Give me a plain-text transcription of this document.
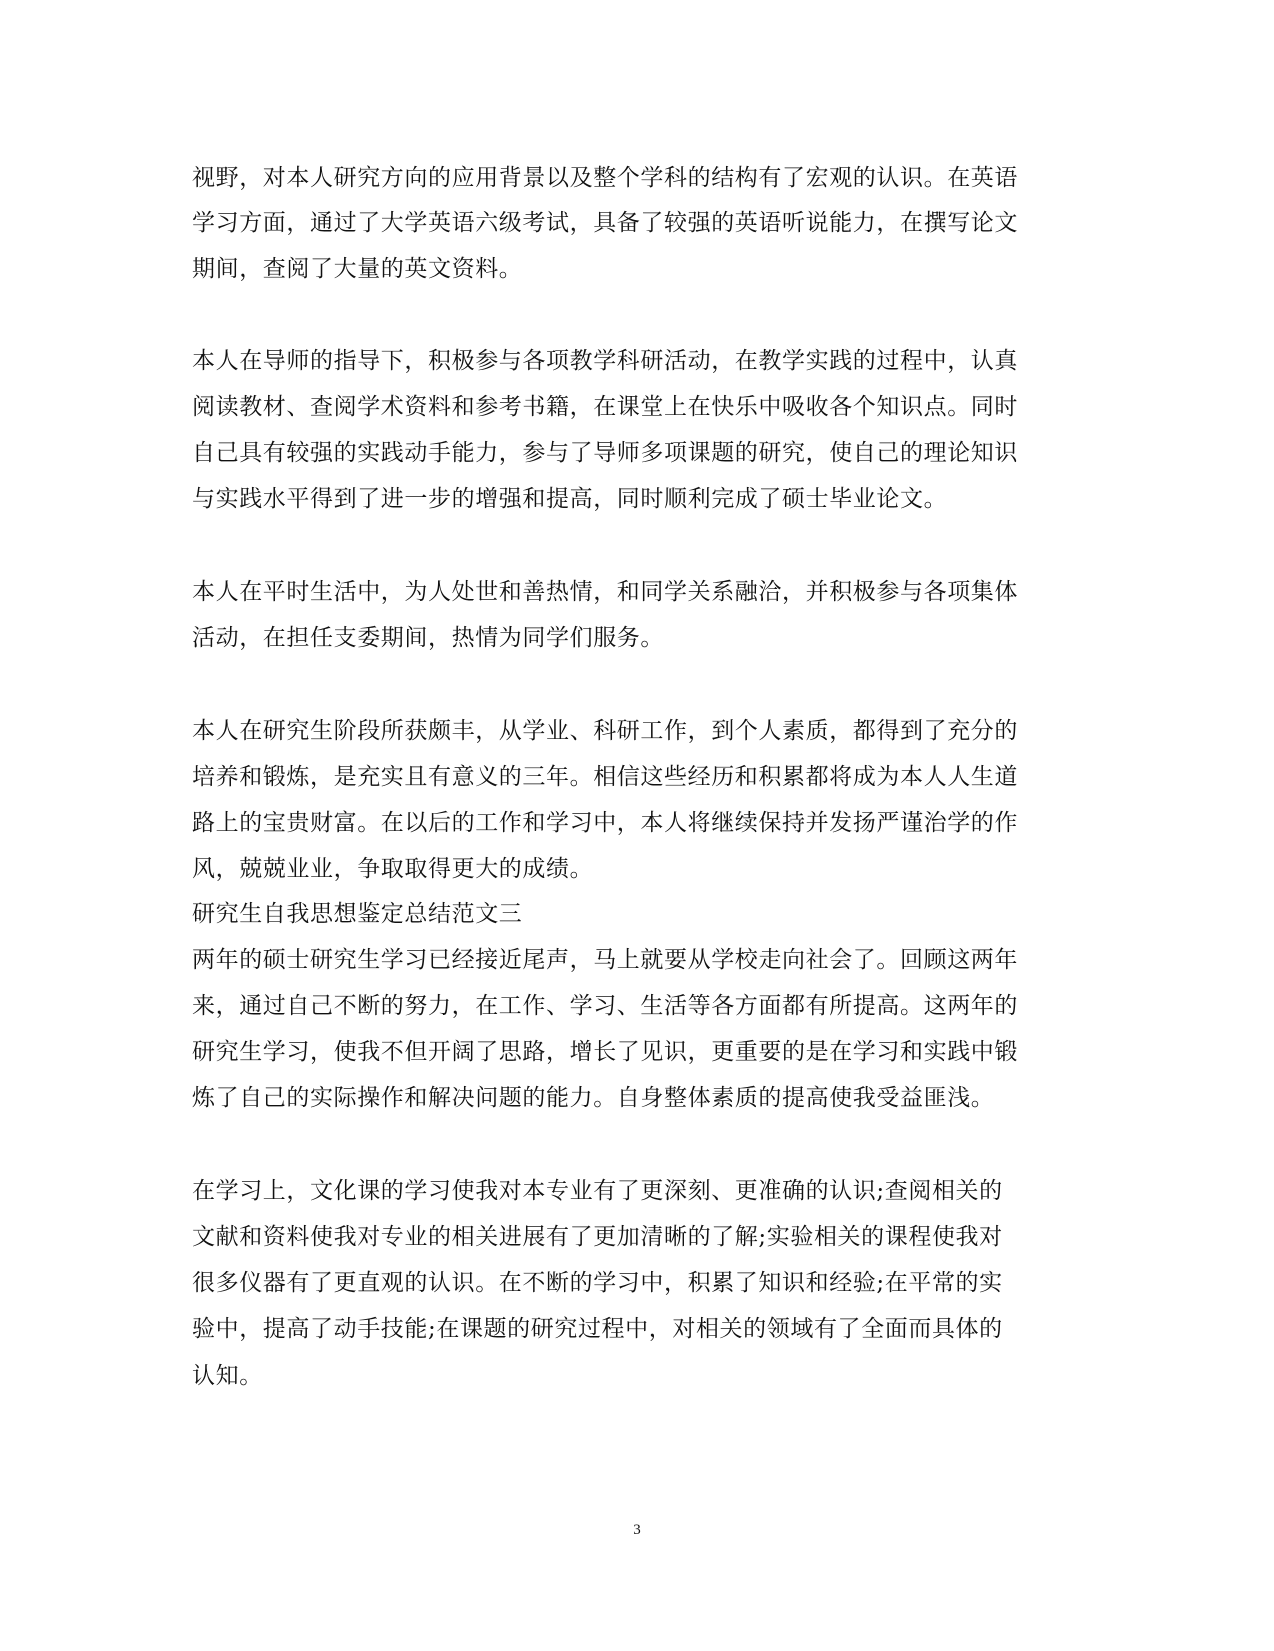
视野，对本人研究方向的应用背景以及整个学科的结构有了宏观的认识。在英语
学习方面，通过了大学英语六级考试，具备了较强的英语听说能力，在撰写论文
期间，查阅了大量的英文资料。
本人在导师的指导下，积极参与各项教学科研活动，在教学实践的过程中，认真
阅读教材、查阅学术资料和参考书籍，在课堂上在快乐中吸收各个知识点。同时
自己具有较强的实践动手能力，参与了导师多项课题的研究，使自己的理论知识
与实践水平得到了进一步的增强和提高，同时顺利完成了硕士毕业论文。
本人在平时生活中，为人处世和善热情，和同学关系融洽，并积极参与各项集体
活动，在担任支委期间，热情为同学们服务。
本人在研究生阶段所获颇丰，从学业、科研工作，到个人素质，都得到了充分的
培养和锻炼，是充实且有意义的三年。相信这些经历和积累都将成为本人人生道
路上的宝贵财富。在以后的工作和学习中，本人将继续保持并发扬严谨治学的作
风，兢兢业业，争取取得更大的成绩。
研究生自我思想鉴定总结范文三
两年的硕士研究生学习已经接近尾声，马上就要从学校走向社会了。回顾这两年
来，通过自己不断的努力，在工作、学习、生活等各方面都有所提高。这两年的
研究生学习，使我不但开阔了思路，增长了见识，更重要的是在学习和实践中锻
炼了自己的实际操作和解决问题的能力。自身整体素质的提高使我受益匪浅。
在学习上，文化课的学习使我对本专业有了更深刻、更准确的认识;查阅相关的
文献和资料使我对专业的相关进展有了更加清晰的了解;实验相关的课程使我对
很多仪器有了更直观的认识。在不断的学习中，积累了知识和经验;在平常的实
验中，提高了动手技能;在课题的研究过程中，对相关的领域有了全面而具体的
认知。
3
